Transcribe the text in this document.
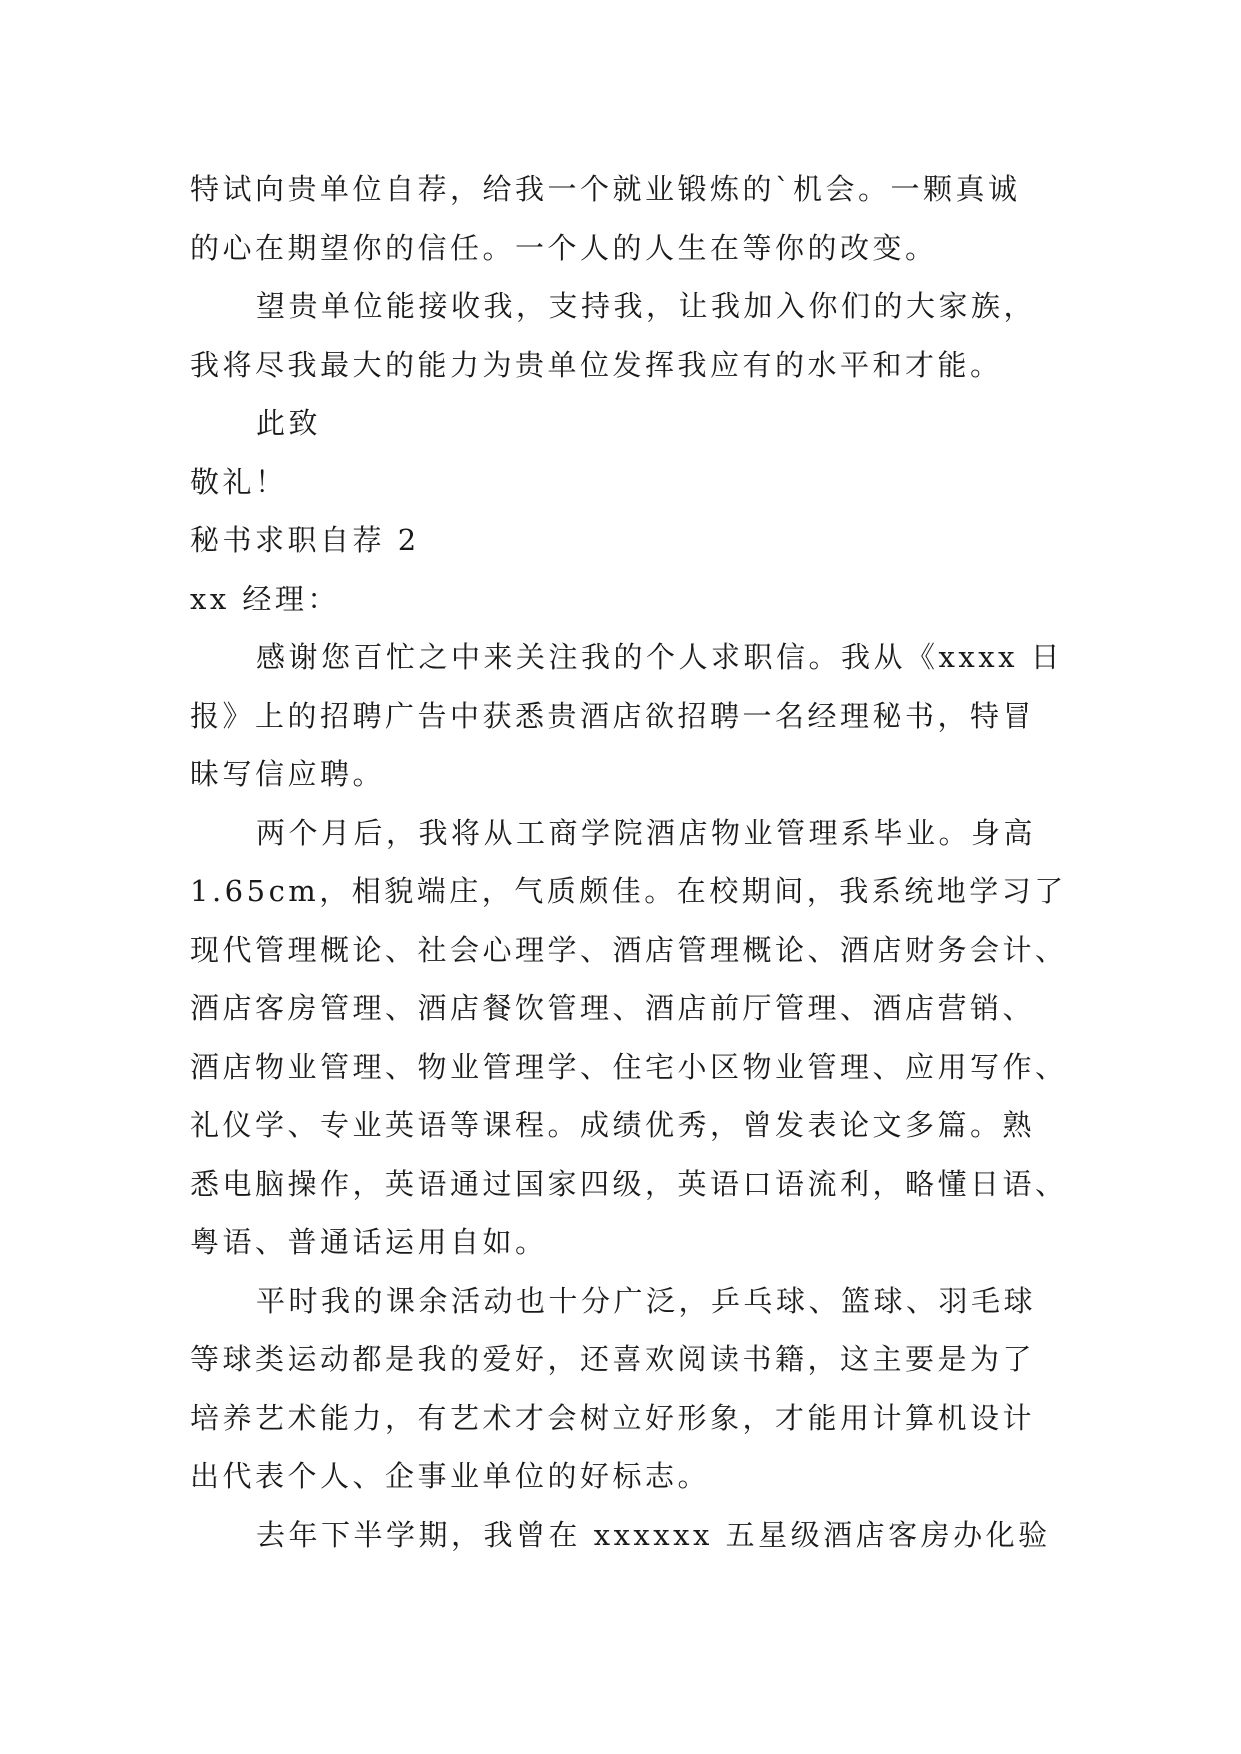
特试向贵单位自荐，给我一个就业锻炼的`机会。一颗真诚
的心在期望你的信任。一个人的人生在等你的改变。
望贵单位能接收我，支持我，让我加入你们的大家族，
我将尽我最大的能力为贵单位发挥我应有的水平和才能。
此致
敬礼！
秘书求职自荐 2
xx 经理：
感谢您百忙之中来关注我的个人求职信。我从《xxxx 日
报》上的招聘广告中获悉贵酒店欲招聘一名经理秘书，特冒
昧写信应聘。
两个月后，我将从工商学院酒店物业管理系毕业。身高
1.65cm，相貌端庄，气质颇佳。在校期间，我系统地学习了
现代管理概论、社会心理学、酒店管理概论、酒店财务会计、
酒店客房管理、酒店餐饮管理、酒店前厅管理、酒店营销、
酒店物业管理、物业管理学、住宅小区物业管理、应用写作、
礼仪学、专业英语等课程。成绩优秀，曾发表论文多篇。熟
悉电脑操作，英语通过国家四级，英语口语流利，略懂日语、
粤语、普通话运用自如。
平时我的课余活动也十分广泛，乒乓球、篮球、羽毛球
等球类运动都是我的爱好，还喜欢阅读书籍，这主要是为了
培养艺术能力，有艺术才会树立好形象，才能用计算机设计
出代表个人、企事业单位的好标志。
去年下半学期，我曾在 xxxxxx 五星级酒店客房办化验
